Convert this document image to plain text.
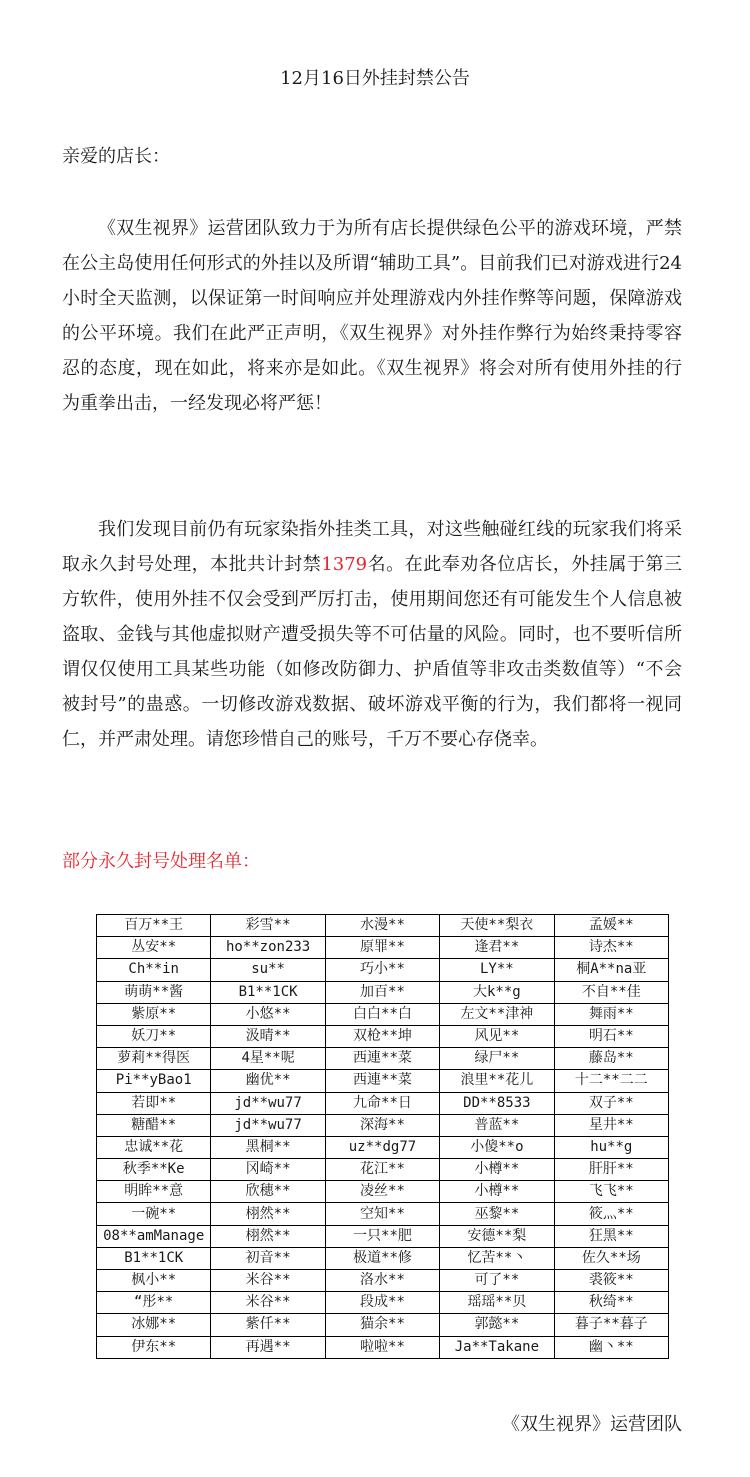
12月16日外挂封禁公告
亲爱的店长：

《双生视界》运营团队致力于为所有店长提供绿色公平的游戏环境，严禁在公主岛使用任何形式的外挂以及所谓“辅助工具”。目前我们已对游戏进行24小时全天监测，以保证第一时间响应并处理游戏内外挂作弊等问题，保障游戏的公平环境。我们在此严正声明，《双生视界》对外挂作弊行为始终秉持零容忍的态度，现在如此，将来亦是如此。《双生视界》将会对所有使用外挂的行为重拳出击，一经发现必将严惩！

我们发现目前仍有玩家染指外挂类工具，对这些触碰红线的玩家我们将采取永久封号处理，本批共计封禁1379名。在此奉劝各位店长，外挂属于第三方软件，使用外挂不仅会受到严厉打击，使用期间您还有可能发生个人信息被盗取、金钱与其他虚拟财产遭受损失等不可估量的风险。同时，也不要听信所谓仅仅使用工具某些功能（如修改防御力、护盾值等非攻击类数值等）“不会被封号”的蛊惑。一切修改游戏数据、破坏游戏平衡的行为，我们都将一视同仁，并严肃处理。请您珍惜自己的账号，千万不要心存侥幸。

部分永久封号处理名单：
百万**王	彩雪**	水漫**	天使**梨衣	孟媛**
丛安**	ho**zon233	原罪**	逢君**	诗杰**
Ch**in	su**	巧小**	LY**	桐A**na亚
萌萌**酱	B1**1CK	加百**	大k**g	不自**佳
紫原**	小悠**	白白**白	左文**津神	舞雨**
妖刀**	汲晴**	双枪**坤	风见**	明石**
萝莉**得医	4星**呢	西連**菜	绿尸**	藤岛**
Pi**yBao1	幽优**	西連**菜	浪里**花儿	十二**二二
若即**	jd**wu77	九命**日	DD**8533	双子**
糖醋**	jd**wu77	深海**	普蓝**	星井**
忠诚**花	黑桐**	uz**dg77	小傻**o	hu**g
秋季**Ke	冈崎**	花江**	小樽**	肝肝**
明眸**意	欣穗**	凌丝**	小樽**	飞飞**
一碗**	栩然**	空知**	巫黎**	筱灬**
08**amManage	栩然**	一只**肥	安德**梨	狂黑**
B1**1CK	初音**	极道**修	忆苦**丶	佐久**场
枫小**	米谷**	洛水**	可了**	裘筱**
“彤**	米谷**	段成**	瑶瑶**贝	秋绮**
冰娜**	紫仟**	猫余**	郭懿**	暮子**暮子
伊东**	再遇**	啦啦**	Ja**Takane	幽丶**
《双生视界》运营团队
